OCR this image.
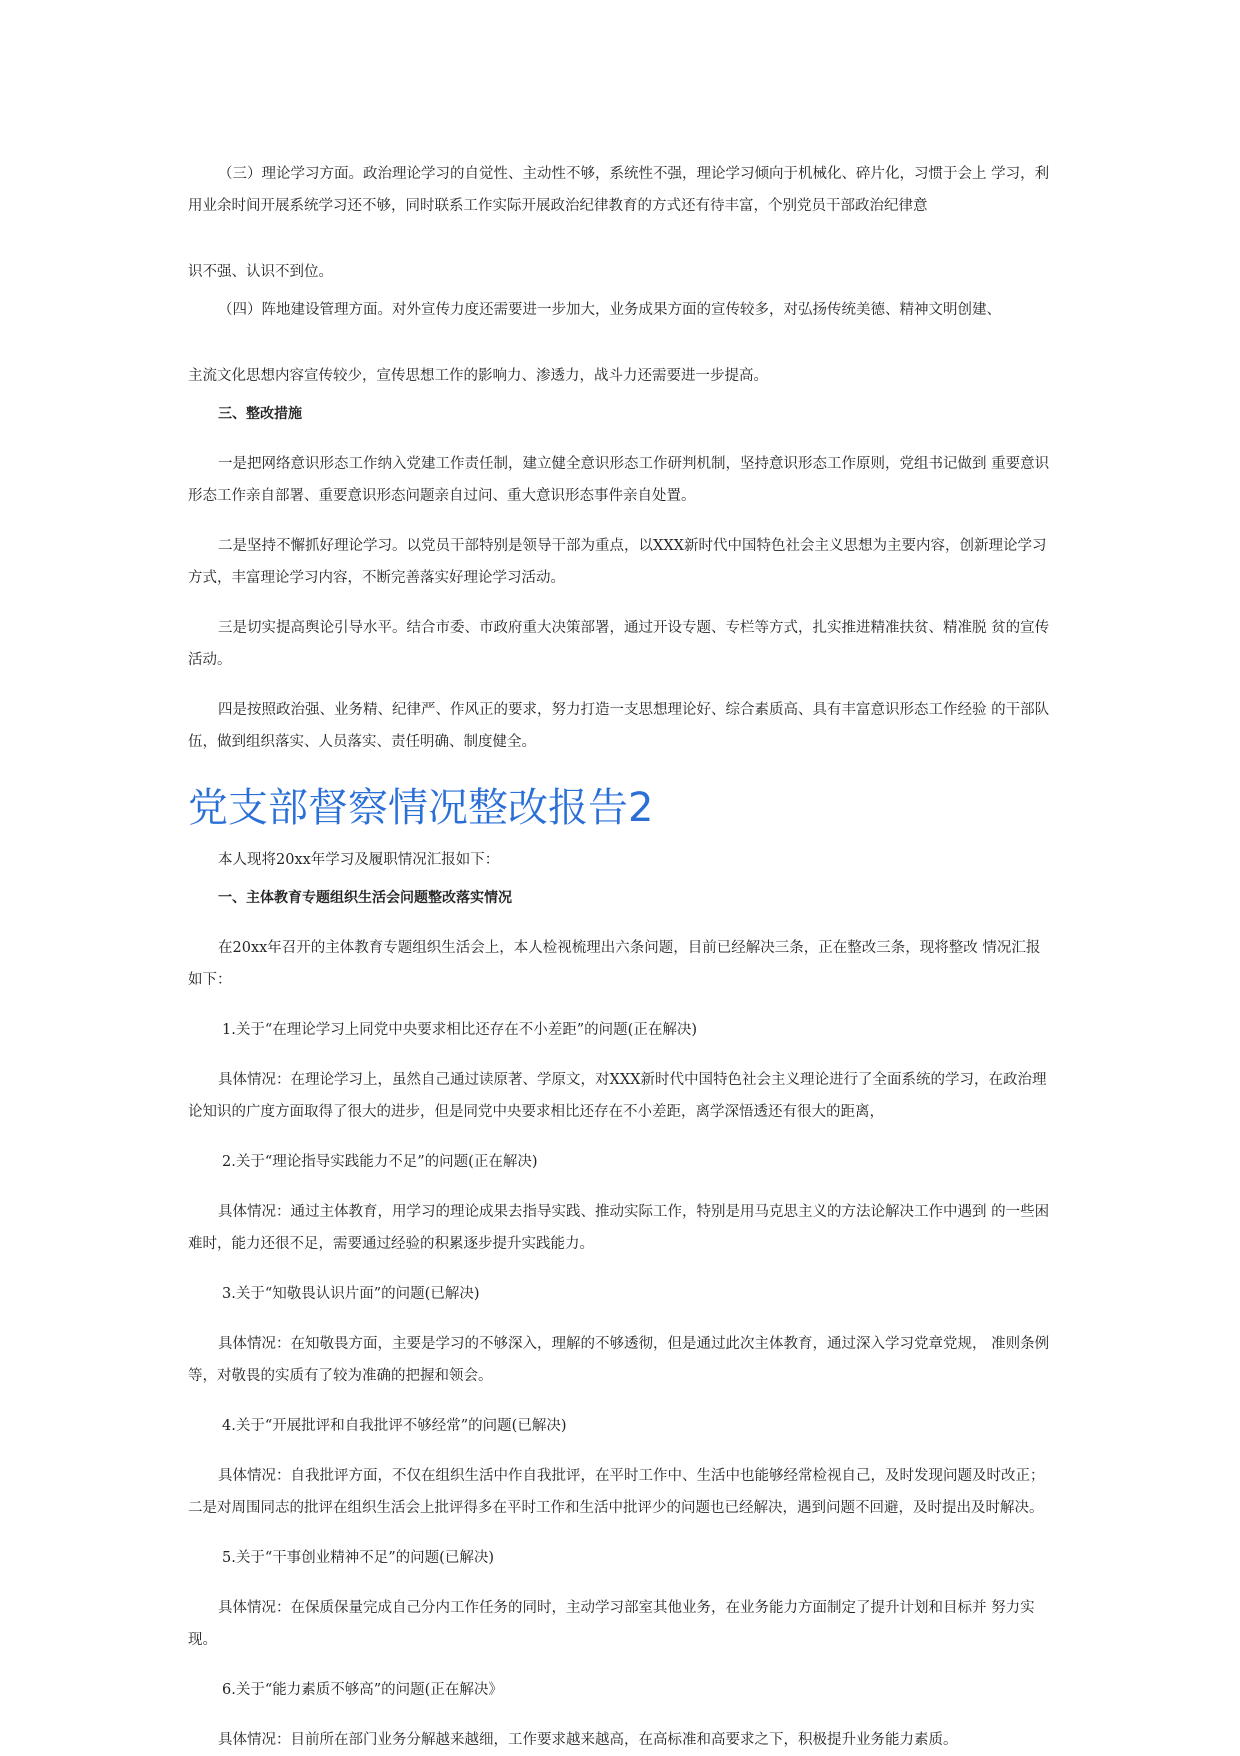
（三）理论学习方面。政治理论学习的自觉性、主动性不够，系统性不强，理论学习倾向于机械化、碎片化，习惯于会上 学习，利用业余时间开展系统学习还不够，同时联系工作实际开展政治纪律教育的方式还有待丰富，个别党员干部政治纪律意

识不强、认识不到位。

（四）阵地建设管理方面。对外宣传力度还需要进一步加大，业务成果方面的宣传较多，对弘扬传统美德、精神文明创建、

主流文化思想内容宣传较少，宣传思想工作的影响力、渗透力，战斗力还需要进一步提高。

三、整改措施

一是把网络意识形态工作纳入党建工作责任制，建立健全意识形态工作研判机制，坚持意识形态工作原则，党组书记做到 重要意识形态工作亲自部署、重要意识形态问题亲自过问、重大意识形态事件亲自处置。

二是坚持不懈抓好理论学习。以党员干部特别是领导干部为重点，以XXX新时代中国特色社会主义思想为主要内容，创新理论学习方式，丰富理论学习内容，不断完善落实好理论学习活动。

三是切实提高舆论引导水平。结合市委、市政府重大决策部署，通过开设专题、专栏等方式，扎实推进精准扶贫、精准脱 贫的宣传活动。

四是按照政治强、业务精、纪律严、作风正的要求，努力打造一支思想理论好、综合素质高、具有丰富意识形态工作经验 的干部队伍，做到组织落实、人员落实、责任明确、制度健全。

党支部督察情况整改报告2

本人现将20xx年学习及履职情况汇报如下：

一、主体教育专题组织生活会问题整改落实情况

在20xx年召开的主体教育专题组织生活会上，本人检视梳理出六条问题，目前已经解决三条，正在整改三条，现将整改 情况汇报如下：

1.关于“在理论学习上同党中央要求相比还存在不小差距”的问题(正在解决)

具体情况：在理论学习上，虽然自己通过读原著、学原文，对XXX新时代中国特色社会主义理论进行了全面系统的学习，在政治理论知识的广度方面取得了很大的进步，但是同党中央要求相比还存在不小差距，离学深悟透还有很大的距离，

2.关于“理论指导实践能力不足”的问题(正在解决)

具体情况：通过主体教育，用学习的理论成果去指导实践、推动实际工作，特别是用马克思主义的方法论解决工作中遇到 的一些困难时，能力还很不足，需要通过经验的积累逐步提升实践能力。

3.关于“知敬畏认识片面”的问题(已解决)

具体情况：在知敬畏方面，主要是学习的不够深入，理解的不够透彻，但是通过此次主体教育，通过深入学习党章党规， 准则条例等，对敬畏的实质有了较为准确的把握和领会。

4.关于“开展批评和自我批评不够经常”的问题(已解决)

具体情况：自我批评方面，不仅在组织生活中作自我批评，在平时工作中、生活中也能够经常检视自己，及时发现问题及时改正；二是对周围同志的批评在组织生活会上批评得多在平时工作和生活中批评少的问题也已经解决，遇到问题不回避，及时提出及时解决。

5.关于“干事创业精神不足”的问题(已解决)

具体情况：在保质保量完成自己分内工作任务的同时，主动学习部室其他业务，在业务能力方面制定了提升计划和目标并 努力实现。

6.关于“能力素质不够高”的问题(正在解决》

具体情况：目前所在部门业务分解越来越细，工作要求越来越高，在高标准和高要求之下，积极提升业务能力素质。
